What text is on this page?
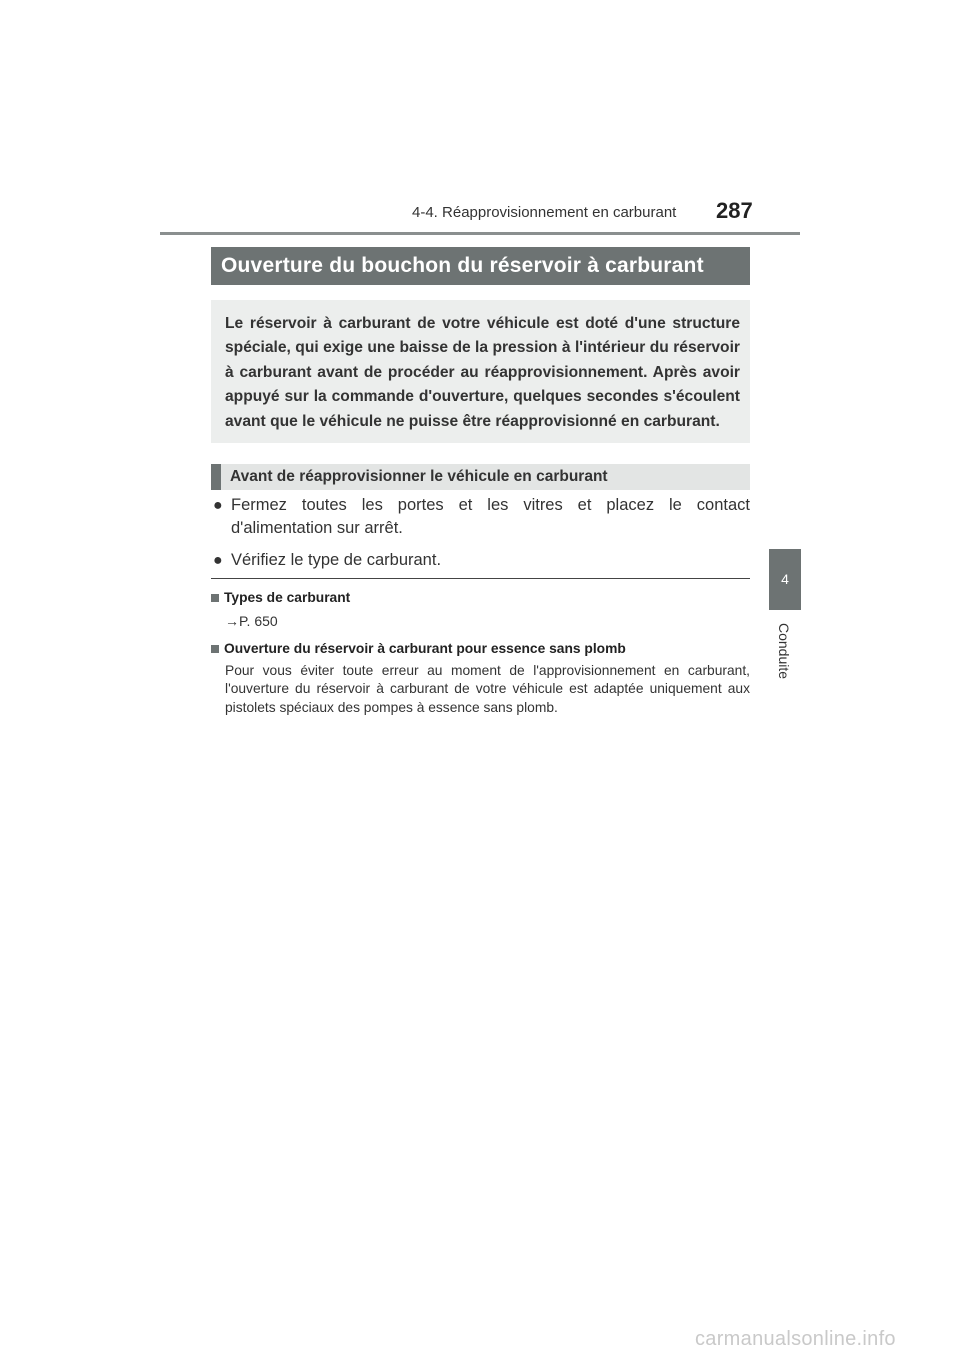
4-4. Réapprovisionnement en carburant 287
4
Conduite
Ouverture du bouchon du réservoir à carburant

Le réservoir à carburant de votre véhicule est doté d'une structure spéciale, qui exige une baisse de la pression à l'intérieur du réservoir à carburant avant de procéder au réapprovisionnement. Après avoir appuyé sur la commande d'ouverture, quelques secondes s'écoulent avant que le véhicule ne puisse être réapprovisionné en carburant.

Avant de réapprovisionner le véhicule en carburant
● Fermez toutes les portes et les vitres et placez le contact d'alimentation sur arrêt.
● Vérifiez le type de carburant.
Types de carburant
→P. 650
Ouverture du réservoir à carburant pour essence sans plomb
Pour vous éviter toute erreur au moment de l'approvisionnement en carburant, l'ouverture du réservoir à carburant de votre véhicule est adaptée uniquement aux pistolets spéciaux des pompes à essence sans plomb.
carmanualsonline.info
